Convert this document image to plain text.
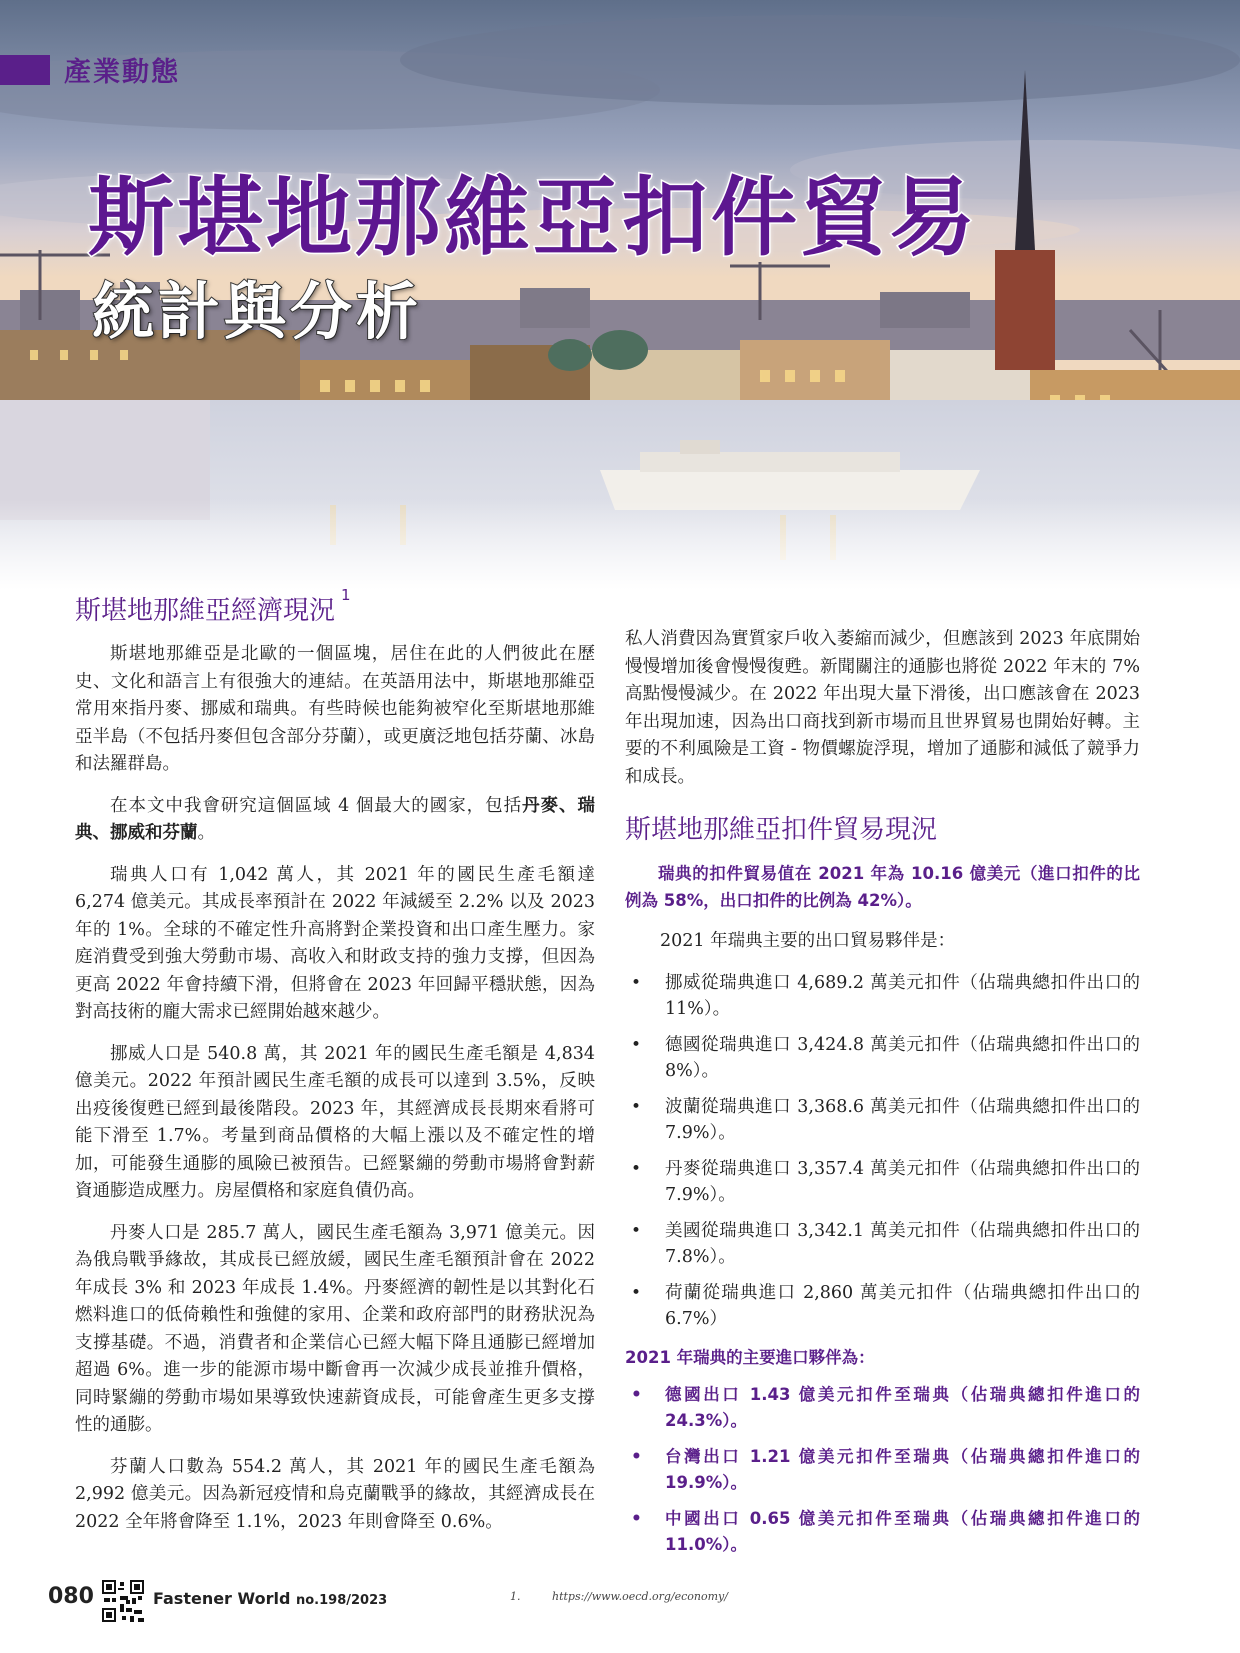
產業動態
斯堪地那維亞扣件貿易
統計與分析
斯堪地那維亞經濟現況$^1$

斯堪地那維亞是北歐的一個區塊，居住在此的人們彼此在歷史、文化和語言上有很強大的連結。在英語用法中，斯堪地那維亞常用來指丹麥、挪威和瑞典。有些時候也能夠被窄化至斯堪地那維亞半島（不包括丹麥但包含部分芬蘭），或更廣泛地包括芬蘭、冰島和法羅群島。

在本文中我會研究這個區域 4 個最大的國家，包括丹麥、瑞典、挪威和芬蘭。

瑞典人口有 1,042 萬人，其 2021 年的國民生產毛額達 6,274 億美元。其成長率預計在 2022 年減緩至 2.2% 以及 2023 年的 1%。全球的不確定性升高將對企業投資和出口產生壓力。家庭消費受到強大勞動市場、高收入和財政支持的強力支撐，但因為更高 2022 年會持續下滑，但將會在 2023 年回歸平穩狀態，因為對高技術的龐大需求已經開始越來越少。

挪威人口是 540.8 萬，其 2021 年的國民生產毛額是 4,834 億美元。2022 年預計國民生產毛額的成長可以達到 3.5%，反映出疫後復甦已經到最後階段。2023 年，其經濟成長長期來看將可能下滑至 1.7%。考量到商品價格的大幅上漲以及不確定性的增加，可能發生通膨的風險已被預告。已經緊繃的勞動市場將會對薪資通膨造成壓力。房屋價格和家庭負債仍高。

丹麥人口是 285.7 萬人，國民生產毛額為 3,971 億美元。因為俄烏戰爭緣故，其成長已經放緩，國民生產毛額預計會在 2022 年成長 3% 和 2023 年成長 1.4%。丹麥經濟的韌性是以其對化石燃料進口的低倚賴性和強健的家用、企業和政府部門的財務狀況為支撐基礎。不過，消費者和企業信心已經大幅下降且通膨已經增加超過 6%。進一步的能源市場中斷會再一次減少成長並推升價格，同時緊繃的勞動市場如果導致快速薪資成長，可能會產生更多支撐性的通膨。

芬蘭人口數為 554.2 萬人，其 2021 年的國民生產毛額為 2,992 億美元。因為新冠疫情和烏克蘭戰爭的緣故，其經濟成長在 2022 全年將會降至 1.1%，2023 年則會降至 0.6%。

私人消費因為實質家戶收入萎縮而減少，但應該到 2023 年底開始慢慢增加後會慢慢復甦。新聞關注的通膨也將從 2022 年末的 7% 高點慢慢減少。在 2022 年出現大量下滑後，出口應該會在 2023 年出現加速，因為出口商找到新市場而且世界貿易也開始好轉。主要的不利風險是工資 - 物價螺旋浮現，增加了通膨和減低了競爭力和成長。

斯堪地那維亞扣件貿易現況

瑞典的扣件貿易值在 2021 年為 10.16 億美元（進口扣件的比例為 58%，出口扣件的比例為 42%）。

2021 年瑞典主要的出口貿易夥伴是：

• 挪威從瑞典進口 4,689.2 萬美元扣件（佔瑞典總扣件出口的 11%）。
• 德國從瑞典進口 3,424.8 萬美元扣件（佔瑞典總扣件出口的 8%）。
• 波蘭從瑞典進口 3,368.6 萬美元扣件（佔瑞典總扣件出口的 7.9%）。
• 丹麥從瑞典進口 3,357.4 萬美元扣件（佔瑞典總扣件出口的 7.9%）。
• 美國從瑞典進口 3,342.1 萬美元扣件（佔瑞典總扣件出口的 7.8%）。
• 荷蘭從瑞典進口 2,860 萬美元扣件（佔瑞典總扣件出口的 6.7%）
2021 年瑞典的主要進口夥伴為：
• 德國出口 1.43 億美元扣件至瑞典（佔瑞典總扣件進口的 24.3%）。
• 台灣出口 1.21 億美元扣件至瑞典（佔瑞典總扣件進口的 19.9%）。
• 中國出口 0.65 億美元扣件至瑞典（佔瑞典總扣件進口的 11.0%）。
080	Fastener World no.198/2023	1.	https://www.oecd.org/economy/
